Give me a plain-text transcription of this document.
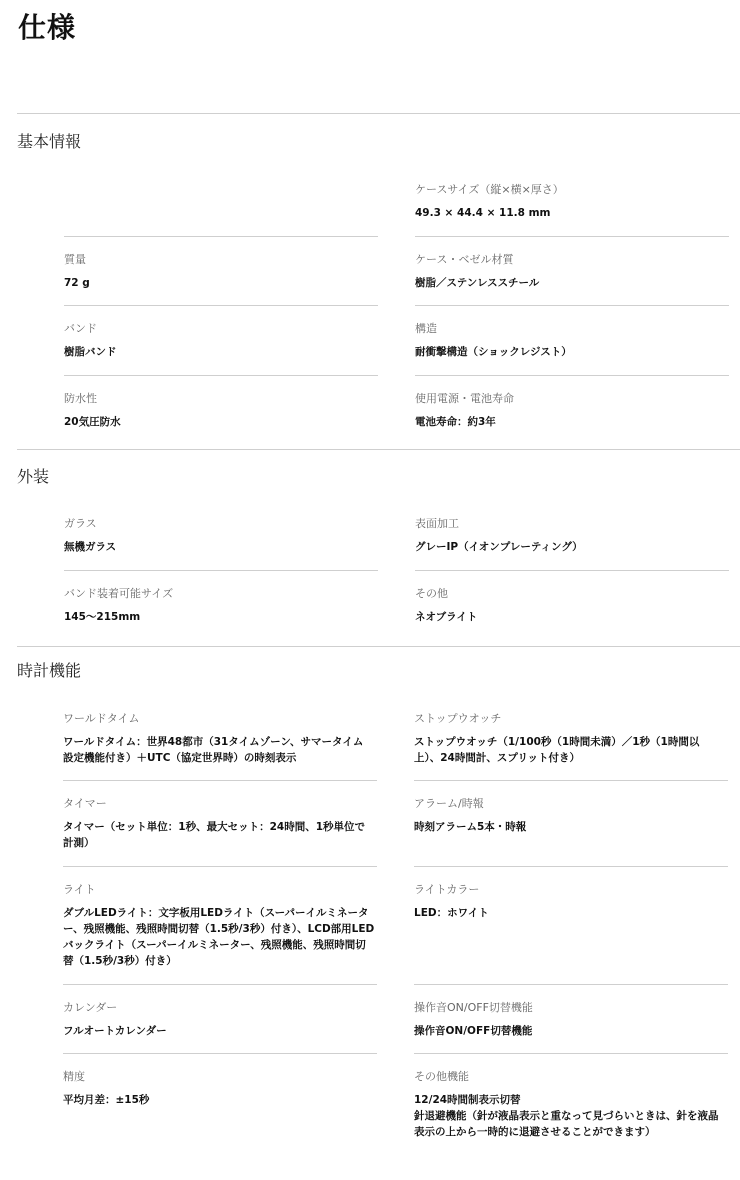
仕様
基本情報
ケースサイズ（縦×横×厚さ）
49.3 × 44.4 × 11.8 mm
質量
72 g
ケース・ベゼル材質
樹脂／ステンレススチール
バンド
樹脂バンド
構造
耐衝撃構造（ショックレジスト）
防水性
20気圧防水
使用電源・電池寿命
電池寿命：約3年
外装
ガラス
無機ガラス
表面加工
グレーIP（イオンプレーティング）
バンド装着可能サイズ
145～215mm
その他
ネオブライト
時計機能
ワールドタイム
ワールドタイム：世界48都市（31タイムゾーン、サマータイム
設定機能付き）＋UTC（協定世界時）の時刻表示
ストップウオッチ
ストップウオッチ（1/100秒（1時間未満）／1秒（1時間以
上）、24時間計、スプリット付き）
タイマー
タイマー（セット単位：1秒、最大セット：24時間、1秒単位で
計測）
アラーム/時報
時刻アラーム5本・時報
ライト
ダブルLEDライト：文字板用LEDライト（スーパーイルミネータ
ー、残照機能、残照時間切替（1.5秒/3秒）付き）、LCD部用LED
バックライト（スーパーイルミネーター、残照機能、残照時間切
替（1.5秒/3秒）付き）
ライトカラー
LED：ホワイト
カレンダー
フルオートカレンダー
操作音ON/OFF切替機能
操作音ON/OFF切替機能
精度
平均月差：±15秒
その他機能
12/24時間制表示切替
針退避機能（針が液晶表示と重なって見づらいときは、針を液晶
表示の上から一時的に退避させることができます）
